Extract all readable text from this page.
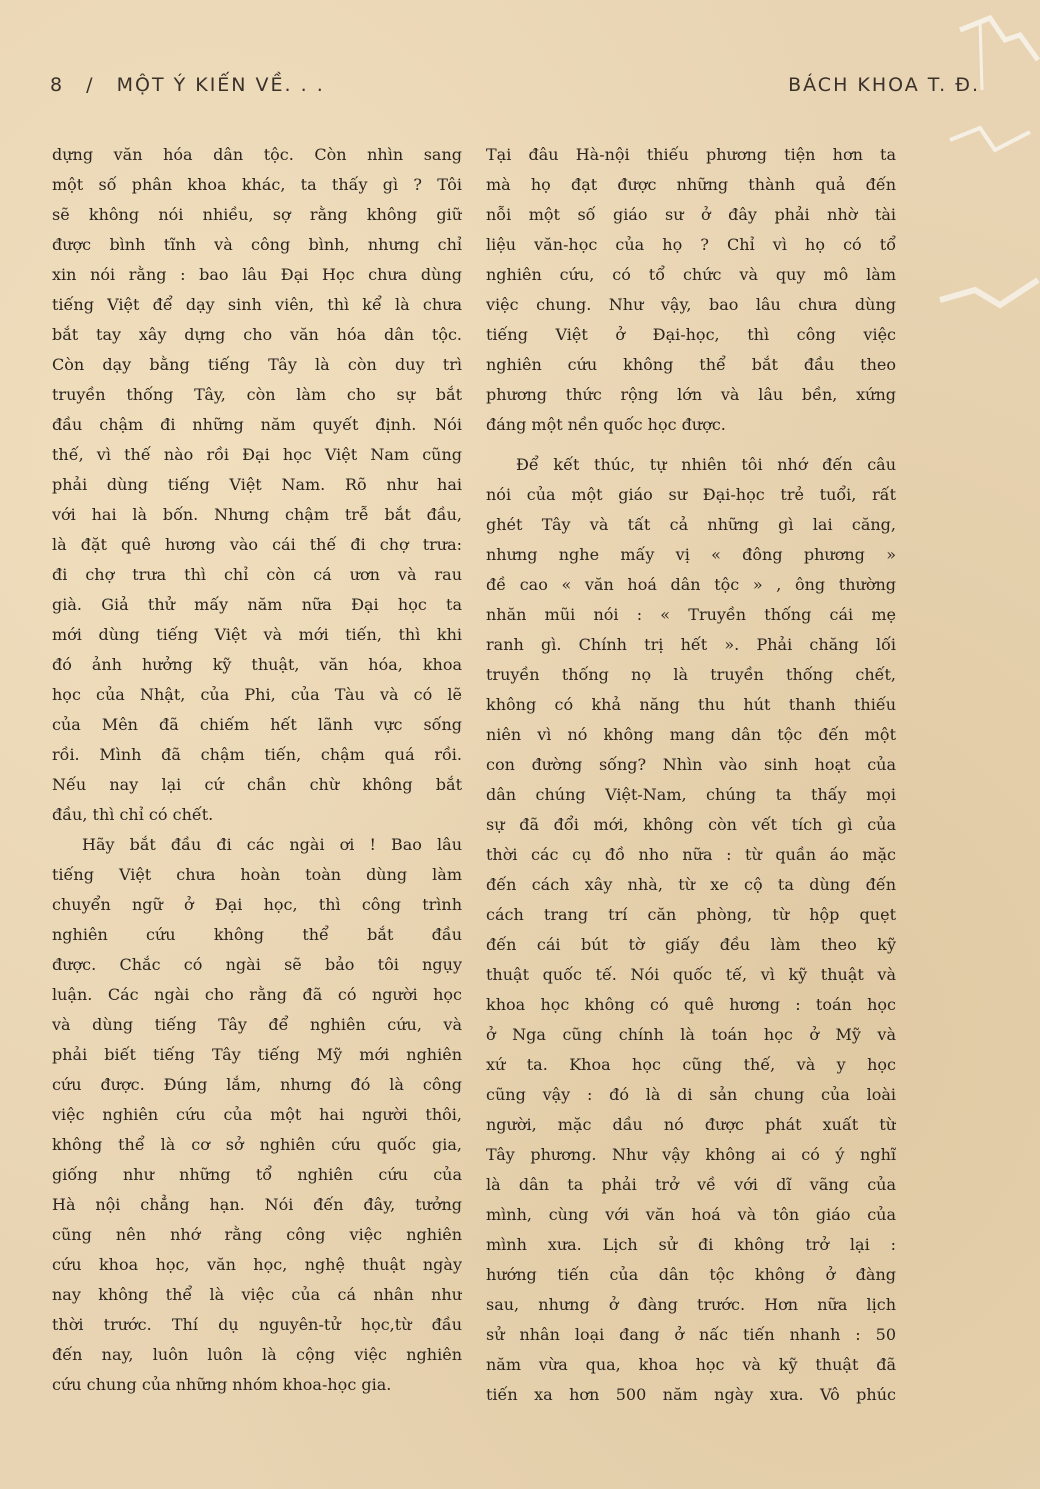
8 / MỘT Ý KIẾN VỀ. . .	BÁCH KHOA T. Đ.
dựng văn hóa dân tộc. Còn nhìn sang
một số phân khoa khác, ta thấy gì ? Tôi
sẽ không nói nhiều, sợ rằng không giữ
được bình tĩnh và công bình, nhưng chỉ
xin nói rằng : bao lâu Đại Học chưa dùng
tiếng Việt để dạy sinh viên, thì kể là chưa
bắt tay xây dựng cho văn hóa dân tộc.
Còn dạy bằng tiếng Tây là còn duy trì
truyền thống Tây, còn làm cho sự bắt
đầu chậm đi những năm quyết định. Nói
thế, vì thế nào rồi Đại học Việt Nam cũng
phải dùng tiếng Việt Nam. Rõ như hai
với hai là bốn. Nhưng chậm trễ bắt đầu,
là đặt quê hương vào cái thế đi chợ trưa:
đi chợ trưa thì chỉ còn cá ươn và rau
già. Giả thử mấy năm nữa Đại học ta
mới dùng tiếng Việt và mới tiến, thì khi
đó ảnh hưởng kỹ thuật, văn hóa, khoa
học của Nhật, của Phi, của Tàu và có lẽ
của Mên đã chiếm hết lãnh vực sống
rồi. Mình đã chậm tiến, chậm quá rồi.
Nếu nay lại cứ chần chừ không bắt
đầu, thì chỉ có chết.
Hãy bắt đầu đi các ngài ơi ! Bao lâu
tiếng Việt chưa hoàn toàn dùng làm
chuyển ngữ ở Đại học, thì công trình
nghiên cứu không thể bắt đầu
được. Chắc có ngài sẽ bảo tôi ngụy
luận. Các ngài cho rằng đã có người học
và dùng tiếng Tây để nghiên cứu, và
phải biết tiếng Tây tiếng Mỹ mới nghiên
cứu được. Đúng lắm, nhưng đó là công
việc nghiên cứu của một hai người thôi,
không thể là cơ sở nghiên cứu quốc gia,
giống như những tổ nghiên cứu của
Hà nội chẳng hạn. Nói đến đây, tưởng
cũng nên nhớ rằng công việc nghiên
cứu khoa học, văn học, nghệ thuật ngày
nay không thể là việc của cá nhân như
thời trước. Thí dụ nguyên-tử học,từ đầu
đến nay, luôn luôn là cộng việc nghiên
cứu chung của những nhóm khoa-học gia.
Tại đâu Hà-nội thiếu phương tiện hơn ta
mà họ đạt được những thành quả đến
nỗi một số giáo sư ở đây phải nhờ tài
liệu văn-học của họ ? Chỉ vì họ có tổ
nghiên cứu, có tổ chức và quy mô làm
việc chung. Như vậy, bao lâu chưa dùng
tiếng Việt ở Đại-học, thì công việc
nghiên cứu không thể bắt đầu theo
phương thức rộng lớn và lâu bền, xứng
đáng một nền quốc học được.
Để kết thúc, tự nhiên tôi nhớ đến câu
nói của một giáo sư Đại-học trẻ tuổi, rất
ghét Tây và tất cả những gì lai căng,
nhưng nghe mấy vị « đông phương »
đề cao « văn hoá dân tộc » , ông thường
nhăn mũi nói : « Truyền thống cái mẹ
ranh gì. Chính trị hết ». Phải chăng lối
truyền thống nọ là truyền thống chết,
không có khả năng thu hút thanh thiếu
niên vì nó không mang dân tộc đến một
con đường sống? Nhìn vào sinh hoạt của
dân chúng Việt-Nam, chúng ta thấy mọi
sự đã đổi mới, không còn vết tích gì của
thời các cụ đồ nho nữa : từ quần áo mặc
đến cách xây nhà, từ xe cộ ta dùng đến
cách trang trí căn phòng, từ hộp quẹt
đến cái bút tờ giấy đều làm theo kỹ
thuật quốc tế. Nói quốc tế, vì kỹ thuật và
khoa học không có quê hương : toán học
ở Nga cũng chính là toán học ở Mỹ và
xứ ta. Khoa học cũng thế, và y học
cũng vậy : đó là di sản chung của loài
người, mặc dầu nó được phát xuất từ
Tây phương. Như vậy không ai có ý nghĩ
là dân ta phải trở về với dĩ vãng của
mình, cùng với văn hoá và tôn giáo của
mình xưa. Lịch sử đi không trở lại :
hướng tiến của dân tộc không ở đàng
sau, nhưng ở đàng trước. Hơn nữa lịch
sử nhân loại đang ở nấc tiến nhanh : 50
năm vừa qua, khoa học và kỹ thuật đã
tiến xa hơn 500 năm ngày xưa. Vô phúc
